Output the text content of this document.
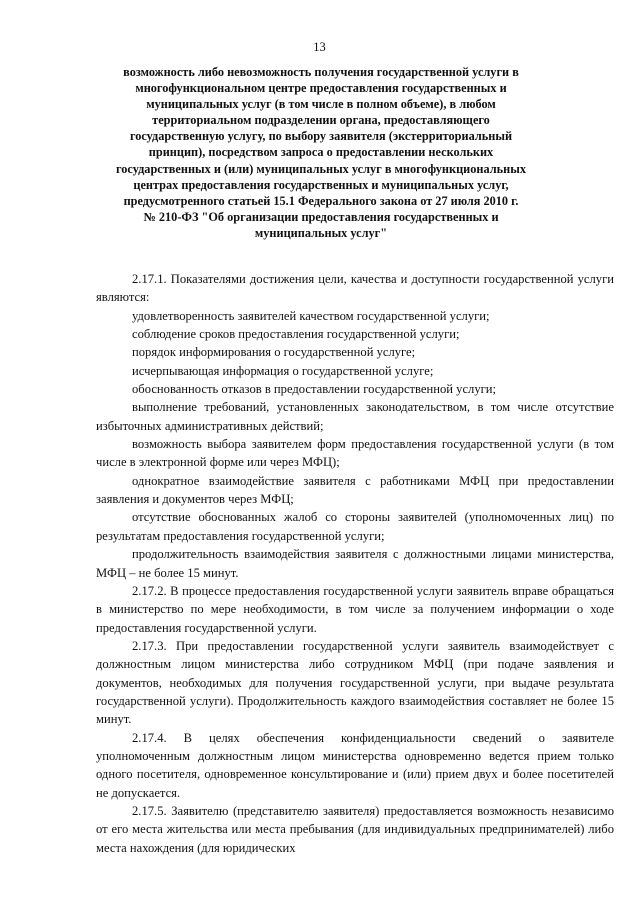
13
возможность либо невозможность получения государственной услуги в
многофункциональном центре предоставления государственных и
муниципальных услуг (в том числе в полном объеме), в любом
территориальном подразделении органа, предоставляющего
государственную услугу, по выбору заявителя (экстерриториальный
принцип), посредством запроса о предоставлении нескольких
государственных и (или) муниципальных услуг в многофункциональных
центрах предоставления государственных и муниципальных услуг,
предусмотренного статьей 15.1 Федерального закона от 27 июля 2010 г.
№ 210-ФЗ "Об организации предоставления государственных и
муниципальных услуг"

2.17.1. Показателями достижения цели, качества и доступности государственной услуги являются:

удовлетворенность заявителей качеством государственной услуги;

соблюдение сроков предоставления государственной услуги;

порядок информирования о государственной услуге;

исчерпывающая информация о государственной услуге;

обоснованность отказов в предоставлении государственной услуги;

выполнение требований, установленных законодательством, в том числе отсутствие избыточных административных действий;

возможность выбора заявителем форм предоставления государственной услуги (в том числе в электронной форме или через МФЦ);

однократное взаимодействие заявителя с работниками МФЦ при предоставлении заявления и документов через МФЦ;

отсутствие обоснованных жалоб со стороны заявителей (уполномоченных лиц) по результатам предоставления государственной услуги;

продолжительность взаимодействия заявителя с должностными лицами министерства, МФЦ – не более 15 минут.

2.17.2. В процессе предоставления государственной услуги заявитель вправе обращаться в министерство по мере необходимости, в том числе за получением информации о ходе предоставления государственной услуги.

2.17.3. При предоставлении государственной услуги заявитель взаимодействует с должностным лицом министерства либо сотрудником МФЦ (при подаче заявления и документов, необходимых для получения государственной услуги, при выдаче результата государственной услуги). Продолжительность каждого взаимодействия составляет не более 15 минут.

2.17.4. В целях обеспечения конфиденциальности сведений о заявителе уполномоченным должностным лицом министерства одновременно ведется прием только одного посетителя, одновременное консультирование и (или) прием двух и более посетителей не допускается.

2.17.5. Заявителю (представителю заявителя) предоставляется возможность независимо от его места жительства или места пребывания (для индивидуальных предпринимателей) либо места нахождения (для юридических
